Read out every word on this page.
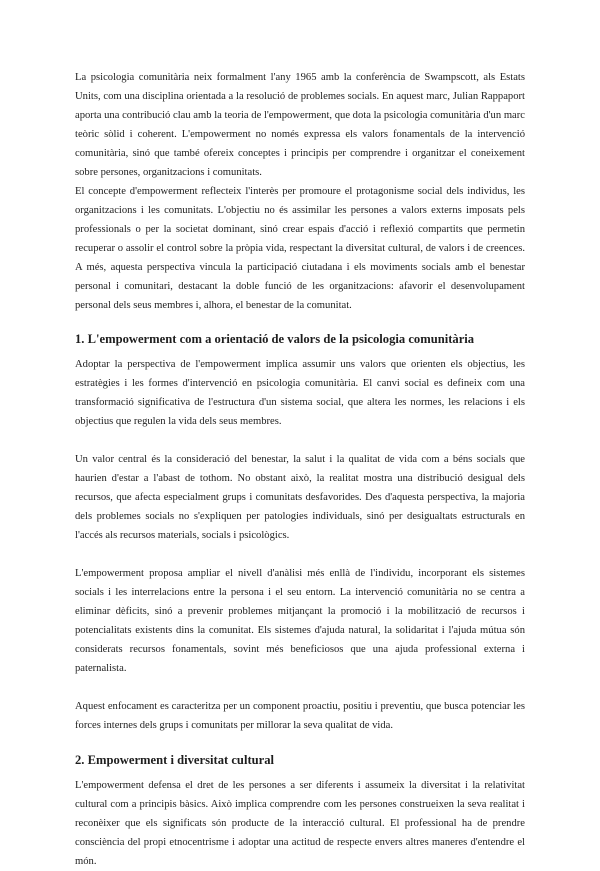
La psicologia comunitària neix formalment l'any 1965 amb la conferència de Swampscott, als Estats Units, com una disciplina orientada a la resolució de problemes socials. En aquest marc, Julian Rappaport aporta una contribució clau amb la teoria de l'empowerment, que dota la psicologia comunitària d'un marc teòric sòlid i coherent. L'empowerment no només expressa els valors fonamentals de la intervenció comunitària, sinó que també ofereix conceptes i principis per comprendre i organitzar el coneixement sobre persones, organitzacions i comunitats.

El concepte d'empowerment reflecteix l'interès per promoure el protagonisme social dels individus, les organitzacions i les comunitats. L'objectiu no és assimilar les persones a valors externs imposats pels professionals o per la societat dominant, sinó crear espais d'acció i reflexió compartits que permetin recuperar o assolir el control sobre la pròpia vida, respectant la diversitat cultural, de valors i de creences. A més, aquesta perspectiva vincula la participació ciutadana i els moviments socials amb el benestar personal i comunitari, destacant la doble funció de les organitzacions: afavorir el desenvolupament personal dels seus membres i, alhora, el benestar de la comunitat.

1. L'empowerment com a orientació de valors de la psicologia comunitària

Adoptar la perspectiva de l'empowerment implica assumir uns valors que orienten els objectius, les estratègies i les formes d'intervenció en psicologia comunitària. El canvi social es defineix com una transformació significativa de l'estructura d'un sistema social, que altera les normes, les relacions i els objectius que regulen la vida dels seus membres.

Un valor central és la consideració del benestar, la salut i la qualitat de vida com a béns socials que haurien d'estar a l'abast de tothom. No obstant això, la realitat mostra una distribució desigual dels recursos, que afecta especialment grups i comunitats desfavorides. Des d'aquesta perspectiva, la majoria dels problemes socials no s'expliquen per patologies individuals, sinó per desigualtats estructurals en l'accés als recursos materials, socials i psicològics.

L'empowerment proposa ampliar el nivell d'anàlisi més enllà de l'individu, incorporant els sistemes socials i les interrelacions entre la persona i el seu entorn. La intervenció comunitària no se centra a eliminar dèficits, sinó a prevenir problemes mitjançant la promoció i la mobilització de recursos i potencialitats existents dins la comunitat. Els sistemes d'ajuda natural, la solidaritat i l'ajuda mútua són considerats recursos fonamentals, sovint més beneficiosos que una ajuda professional externa i paternalista.

Aquest enfocament es caracteritza per un component proactiu, positiu i preventiu, que busca potenciar les forces internes dels grups i comunitats per millorar la seva qualitat de vida.

2. Empowerment i diversitat cultural

L'empowerment defensa el dret de les persones a ser diferents i assumeix la diversitat i la relativitat cultural com a principis bàsics. Això implica comprendre com les persones construeixen la seva realitat i reconèixer que els significats són producte de la interacció cultural. El professional ha de prendre consciència del propi etnocentrisme i adoptar una actitud de respecte envers altres maneres d'entendre el món.
